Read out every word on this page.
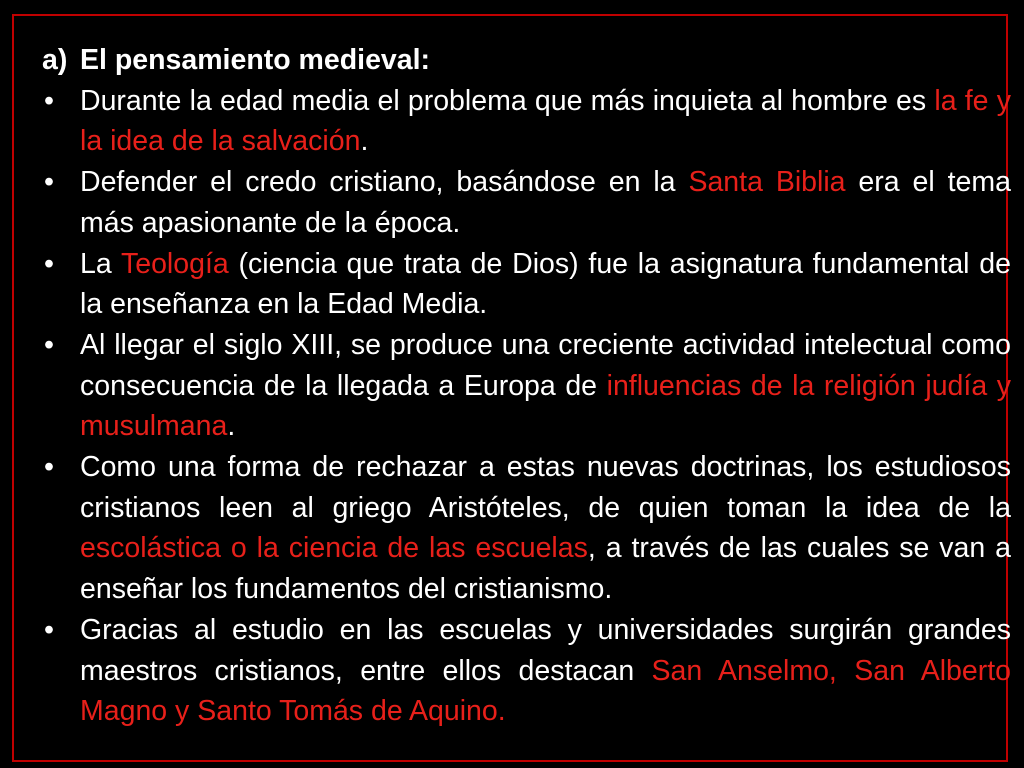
a) El pensamiento medieval:

• Durante la edad media el problema que más inquieta al hombre es la fe y la idea de la salvación.
• Defender el credo cristiano, basándose en la Santa Biblia era el tema más apasionante de la época.
• La Teología (ciencia que trata de Dios) fue la asignatura fundamental de la enseñanza en la Edad Media.
• Al llegar el siglo XIII, se produce una creciente actividad intelectual como consecuencia de la llegada a Europa de influencias de la religión judía y musulmana.
• Como una forma de rechazar a estas nuevas doctrinas, los estudiosos cristianos leen al griego Aristóteles, de quien toman la idea de la escolástica o la ciencia de las escuelas, a través de las cuales se van a enseñar los fundamentos del cristianismo.
• Gracias al estudio en las escuelas y universidades surgirán grandes maestros cristianos, entre ellos destacan San Anselmo, San Alberto Magno y Santo Tomás de Aquino.
